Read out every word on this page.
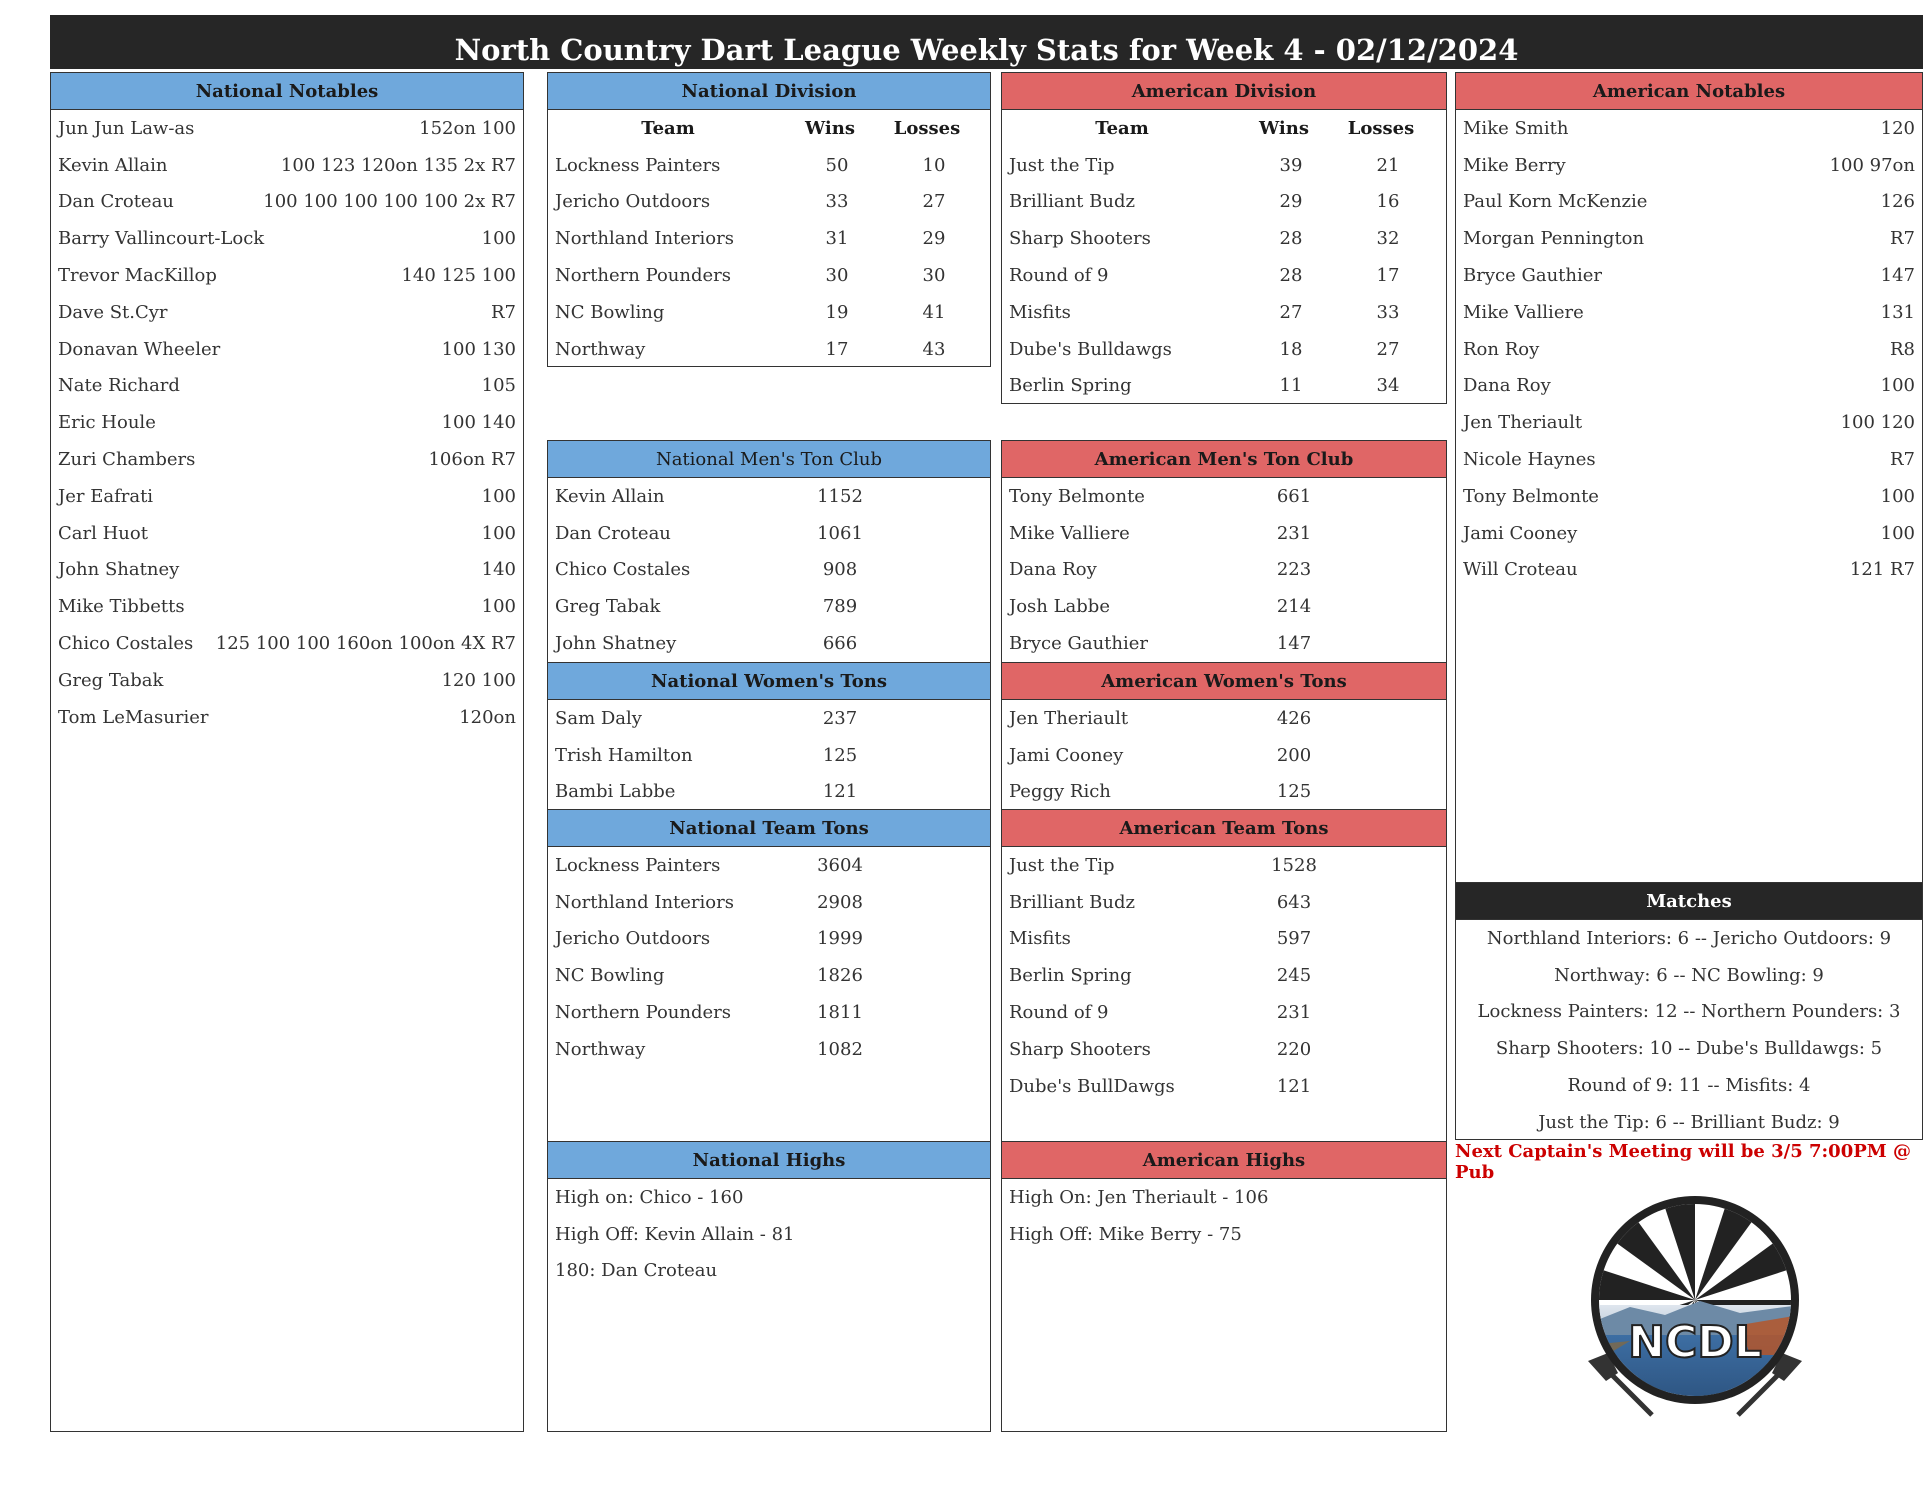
North Country Dart League Weekly Stats for Week 4 - 02/12/2024
National Notables
Jun Jun Law-as	152on 100
Kevin Allain	100 123 120on 135 2x R7
Dan Croteau	100 100 100 100 100 2x R7
Barry Vallincourt-Lock	100
Trevor MacKillop	140 125 100
Dave St.Cyr	R7
Donavan Wheeler	100 130
Nate Richard	105
Eric Houle	100 140
Zuri Chambers	106on R7
Jer Eafrati	100
Carl Huot	100
John Shatney	140
Mike Tibbetts	100
Chico Costales	125 100 100 160on 100on 4X R7
Greg Tabak	120 100
Tom LeMasurier	120on
National Division
Team	Wins	Losses
Lockness Painters	50	10
Jericho Outdoors	33	27
Northland Interiors	31	29
Northern Pounders	30	30
NC Bowling	19	41
Northway	17	43
American Division
Team	Wins	Losses
Just the Tip	39	21
Brilliant Budz	29	16
Sharp Shooters	28	32
Round of 9	28	17
Misfits	27	33
Dube's Bulldawgs	18	27
Berlin Spring	11	34
American Notables
Mike Smith	120
Mike Berry	100 97on
Paul Korn McKenzie	126
Morgan Pennington	R7
Bryce Gauthier	147
Mike Valliere	131
Ron Roy	R8
Dana Roy	100
Jen Theriault	100 120
Nicole Haynes	R7
Tony Belmonte	100
Jami Cooney	100
Will Croteau	121 R7
National Men's Ton Club
Kevin Allain	1152
Dan Croteau	1061
Chico Costales	908
Greg Tabak	789
John Shatney	666
American Men's Ton Club
Tony Belmonte	661
Mike Valliere	231
Dana Roy	223
Josh Labbe	214
Bryce Gauthier	147
National Women's Tons
Sam Daly	237
Trish Hamilton	125
Bambi Labbe	121
American Women's Tons
Jen Theriault	426
Jami Cooney	200
Peggy Rich	125
National Team Tons
Lockness Painters	3604
Northland Interiors	2908
Jericho Outdoors	1999
NC Bowling	1826
Northern Pounders	1811
Northway	1082
American Team Tons
Just the Tip	1528
Brilliant Budz	643
Misfits	597
Berlin Spring	245
Round of 9	231
Sharp Shooters	220
Dube's BullDawgs	121
Matches
Northland Interiors: 6 -- Jericho Outdoors: 9
Northway: 6 -- NC Bowling: 9
Lockness Painters: 12 -- Northern Pounders: 3
Sharp Shooters: 10 -- Dube's Bulldawgs: 5
Round of 9: 11 -- Misfits: 4
Just the Tip: 6 -- Brilliant Budz: 9
National Highs
High on: Chico - 160
High Off: Kevin Allain - 81
180: Dan Croteau
American Highs
High On: Jen Theriault - 106
High Off: Mike Berry - 75
Next Captain's Meeting will be 3/5 7:00PM @ Pub
NCDL
